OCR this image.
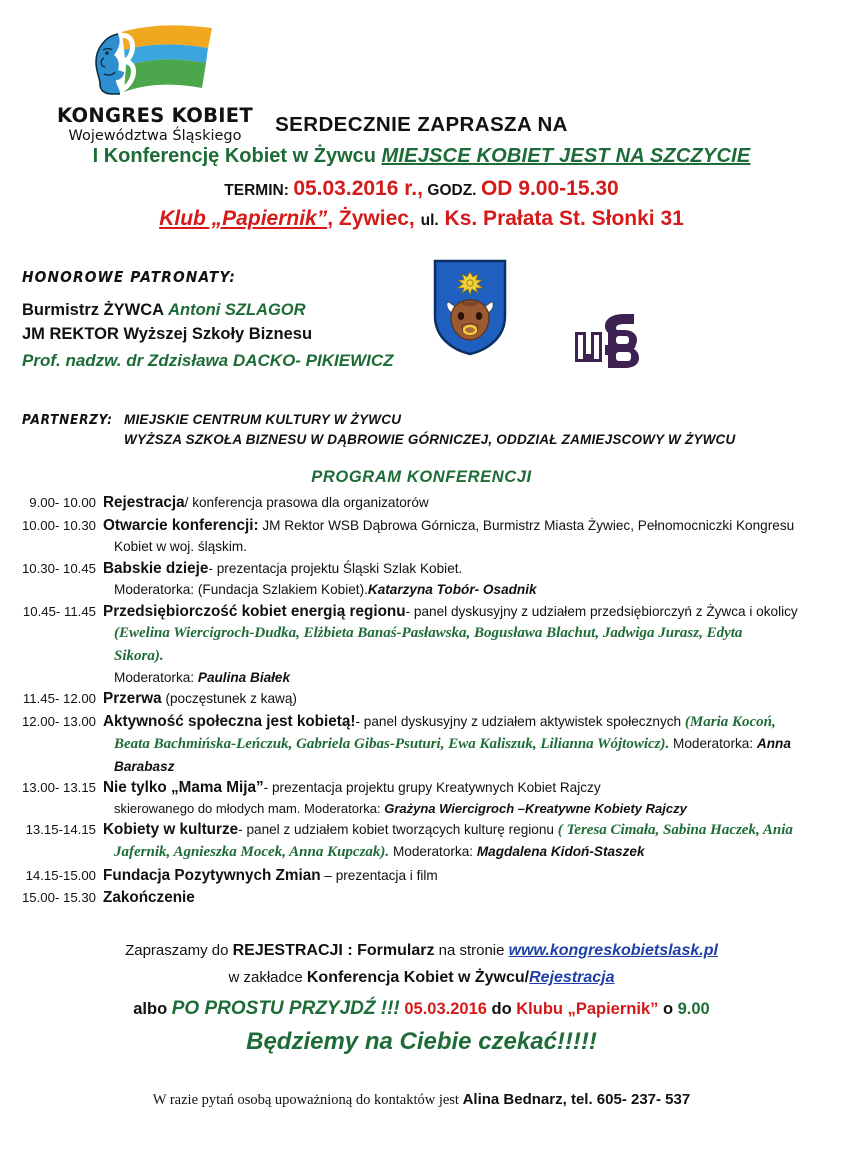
KONGRES KOBIET
Województwa Śląskiego	SERDECZNIE ZAPRASZA NA
I Konferencję Kobiet w Żywcu MIEJSCE KOBIET JEST NA SZCZYCIE
TERMIN: 05.03.2016 r., GODZ. OD 9.00-15.30
Klub „Papiernik”, Żywiec, ul. Ks. Prałata St. Słonki 31
HONOROWE PATRONATY:
Burmistrz ŻYWCA Antoni SZLAGOR
JM REKTOR Wyższej Szkoły Biznesu
Prof. nadzw. dr Zdzisława DACKO- PIKIEWICZ
PARTNERZY: MIEJSKIE CENTRUM KULTURY W ŻYWCU
WYŻSZA SZKOŁA BIZNESU W DĄBROWIE GÓRNICZEJ, ODDZIAŁ ZAMIEJSCOWY W ŻYWCU
PROGRAM KONFERENCJI
9.00- 10.00 Rejestracja/ konferencja prasowa dla organizatorów
10.00- 10.30 Otwarcie konferencji: JM Rektor WSB Dąbrowa Górnicza, Burmistrz Miasta Żywiec, Pełnomocniczki Kongresu
Kobiet w woj. śląskim.
10.30- 10.45 Babskie dzieje- prezentacja projektu Śląski Szlak Kobiet.
Moderatorka: (Fundacja Szlakiem Kobiet).Katarzyna Tobór- Osadnik
10.45- 11.45 Przedsiębiorczość kobiet energią regionu- panel dyskusyjny z udziałem przedsiębiorczyń z Żywca i okolicy
(Ewelina Wiercigroch-Dudka, Elżbieta Banaś-Pasławska, Bogusława Blachut, Jadwiga Jurasz, Edyta
Sikora).
Moderatorka: Paulina Białek
11.45- 12.00 Przerwa (poczęstunek z kawą)
12.00- 13.00 Aktywność społeczna jest kobietą!- panel dyskusyjny z udziałem aktywistek społecznych (Maria Kocoń,
Beata Bachmińska-Leńczuk, Gabriela Gibas-Psuturi, Ewa Kaliszuk, Lilianna Wójtowicz). Moderatorka: Anna
Barabasz
13.00- 13.15 Nie tylko „Mama Mija”- prezentacja projektu grupy Kreatywnych Kobiet Rajczy
skierowanego do młodych mam. Moderatorka: Grażyna Wiercigroch –Kreatywne Kobiety Rajczy
13.15-14.15 Kobiety w kulturze- panel z udziałem kobiet tworzących kulturę regionu ( Teresa Cimała, Sabina Haczek, Ania
Jafernik, Agnieszka Mocek, Anna Kupczak). Moderatorka: Magdalena Kidoń-Staszek
14.15-15.00 Fundacja Pozytywnych Zmian – prezentacja i film
15.00- 15.30 Zakończenie
Zapraszamy do REJESTRACJI : Formularz na stronie www.kongreskobietslask.pl
w zakładce Konferencja Kobiet w Żywcu/Rejestracja
albo PO PROSTU PRZYJDŹ !!! 05.03.2016 do Klubu „Papiernik” o 9.00
Będziemy na Ciebie czekać!!!!!
W razie pytań osobą upoważnioną do kontaktów jest Alina Bednarz, tel. 605- 237- 537
